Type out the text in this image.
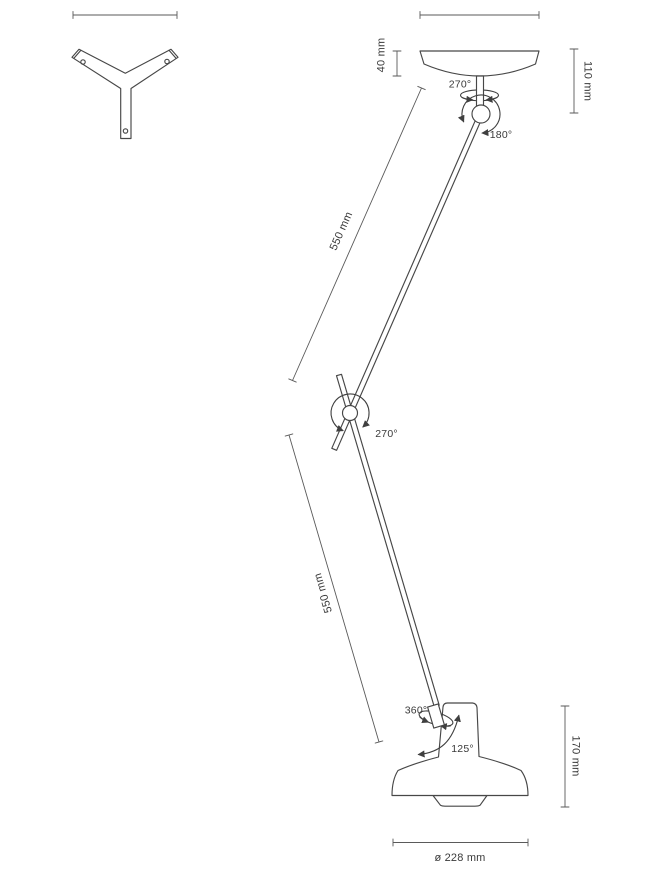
40 mm
110 mm
550 mm
550 mm
170 mm
ø 228 mm
270°
180°
270°
360°
125°
